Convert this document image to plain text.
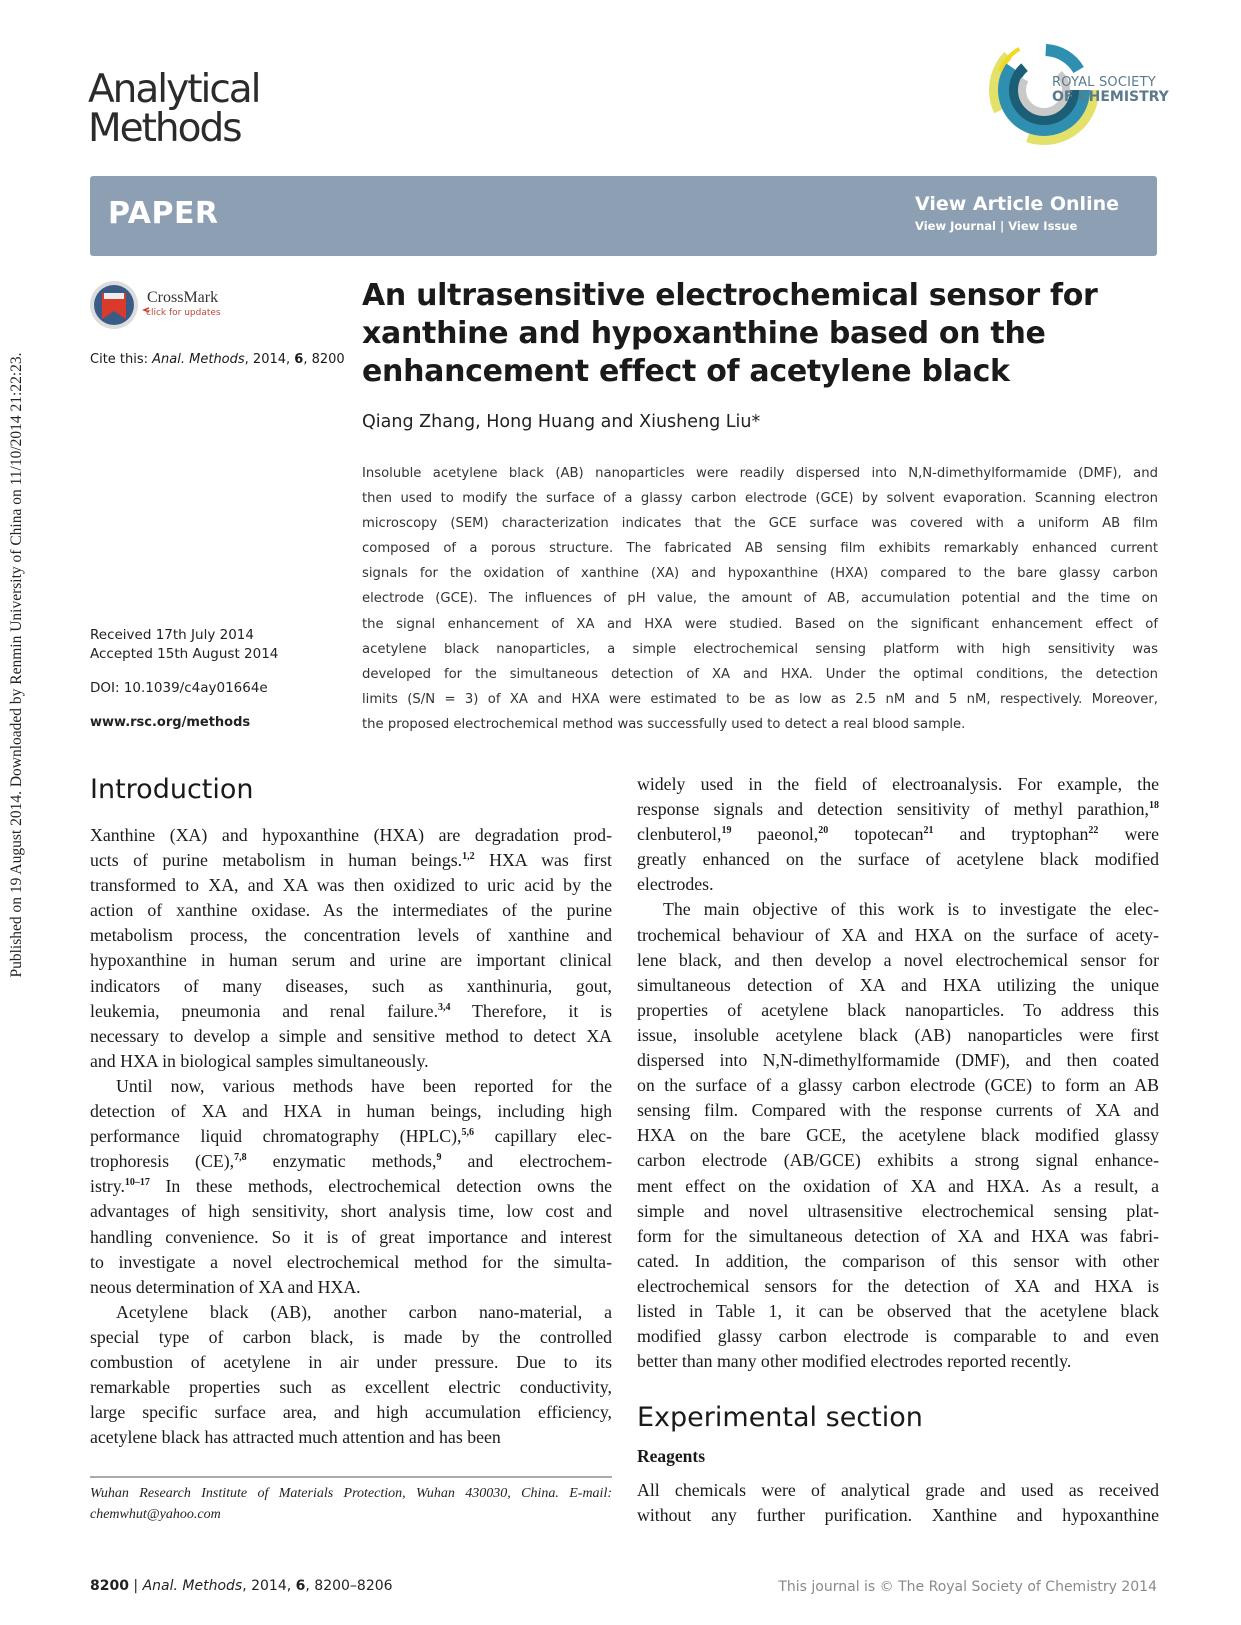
Published on 19 August 2014. Downloaded by Renmin University of China on 11/10/2014 21:22:23.
Analytical
Methods
ROYAL SOCIETY
OF CHEMISTRY
PAPER	View Article Online
View Journal | View Issue
CrossMark
click for updates
Cite this: Anal. Methods, 2014, 6, 8200
Received 17th July 2014
Accepted 15th August 2014
DOI: 10.1039/c4ay01664e
www.rsc.org/methods
An ultrasensitive electrochemical sensor for
xanthine and hypoxanthine based on the
enhancement effect of acetylene black
Qiang Zhang, Hong Huang and Xiusheng Liu*
Insoluble acetylene black (AB) nanoparticles were readily dispersed into N,N-dimethylformamide (DMF), and
then used to modify the surface of a glassy carbon electrode (GCE) by solvent evaporation. Scanning electron
microscopy (SEM) characterization indicates that the GCE surface was covered with a uniform AB film
composed of a porous structure. The fabricated AB sensing film exhibits remarkably enhanced current
signals for the oxidation of xanthine (XA) and hypoxanthine (HXA) compared to the bare glassy carbon
electrode (GCE). The influences of pH value, the amount of AB, accumulation potential and the time on
the signal enhancement of XA and HXA were studied. Based on the significant enhancement effect of
acetylene black nanoparticles, a simple electrochemical sensing platform with high sensitivity was
developed for the simultaneous detection of XA and HXA. Under the optimal conditions, the detection
limits (S/N = 3) of XA and HXA were estimated to be as low as 2.5 nM and 5 nM, respectively. Moreover,
the proposed electrochemical method was successfully used to detect a real blood sample.
Introduction
Xanthine (XA) and hypoxanthine (HXA) are degradation prod-
ucts of purine metabolism in human beings.$^{1,2}$ HXA was first
transformed to XA, and XA was then oxidized to uric acid by the
action of xanthine oxidase. As the intermediates of the purine
metabolism process, the concentration levels of xanthine and
hypoxanthine in human serum and urine are important clinical
indicators of many diseases, such as xanthinuria, gout,
leukemia, pneumonia and renal failure.$^{3,4}$ Therefore, it is
necessary to develop a simple and sensitive method to detect XA
and HXA in biological samples simultaneously.
Until now, various methods have been reported for the
detection of XA and HXA in human beings, including high
performance liquid chromatography (HPLC),$^{5,6}$ capillary elec-
trophoresis (CE),$^{7,8}$ enzymatic methods,$^9$ and electrochem-
istry.$^{10-17}$ In these methods, electrochemical detection owns the
advantages of high sensitivity, short analysis time, low cost and
handling convenience. So it is of great importance and interest
to investigate a novel electrochemical method for the simulta-
neous determination of XA and HXA.
Acetylene black (AB), another carbon nano-material, a
special type of carbon black, is made by the controlled
combustion of acetylene in air under pressure. Due to its
remarkable properties such as excellent electric conductivity,
large specific surface area, and high accumulation efficiency,
acetylene black has attracted much attention and has been
widely used in the field of electroanalysis. For example, the
response signals and detection sensitivity of methyl parathion,$^{18}$
clenbuterol,$^{19}$ paeonol,$^{20}$ topotecan$^{21}$ and tryptophan$^{22}$ were
greatly enhanced on the surface of acetylene black modified
electrodes.
The main objective of this work is to investigate the elec-
trochemical behaviour of XA and HXA on the surface of acety-
lene black, and then develop a novel electrochemical sensor for
simultaneous detection of XA and HXA utilizing the unique
properties of acetylene black nanoparticles. To address this
issue, insoluble acetylene black (AB) nanoparticles were first
dispersed into N,N-dimethylformamide (DMF), and then coated
on the surface of a glassy carbon electrode (GCE) to form an AB
sensing film. Compared with the response currents of XA and
HXA on the bare GCE, the acetylene black modified glassy
carbon electrode (AB/GCE) exhibits a strong signal enhance-
ment effect on the oxidation of XA and HXA. As a result, a
simple and novel ultrasensitive electrochemical sensing plat-
form for the simultaneous detection of XA and HXA was fabri-
cated. In addition, the comparison of this sensor with other
electrochemical sensors for the detection of XA and HXA is
listed in Table 1, it can be observed that the acetylene black
modified glassy carbon electrode is comparable to and even
better than many other modified electrodes reported recently.
Experimental section
Reagents
All chemicals were of analytical grade and used as received
without any further purification. Xanthine and hypoxanthine
Wuhan Research Institute of Materials Protection, Wuhan 430030, China. E-mail:
chemwhut@yahoo.com
8200 | Anal. Methods, 2014, 6, 8200–8206	This journal is © The Royal Society of Chemistry 2014
